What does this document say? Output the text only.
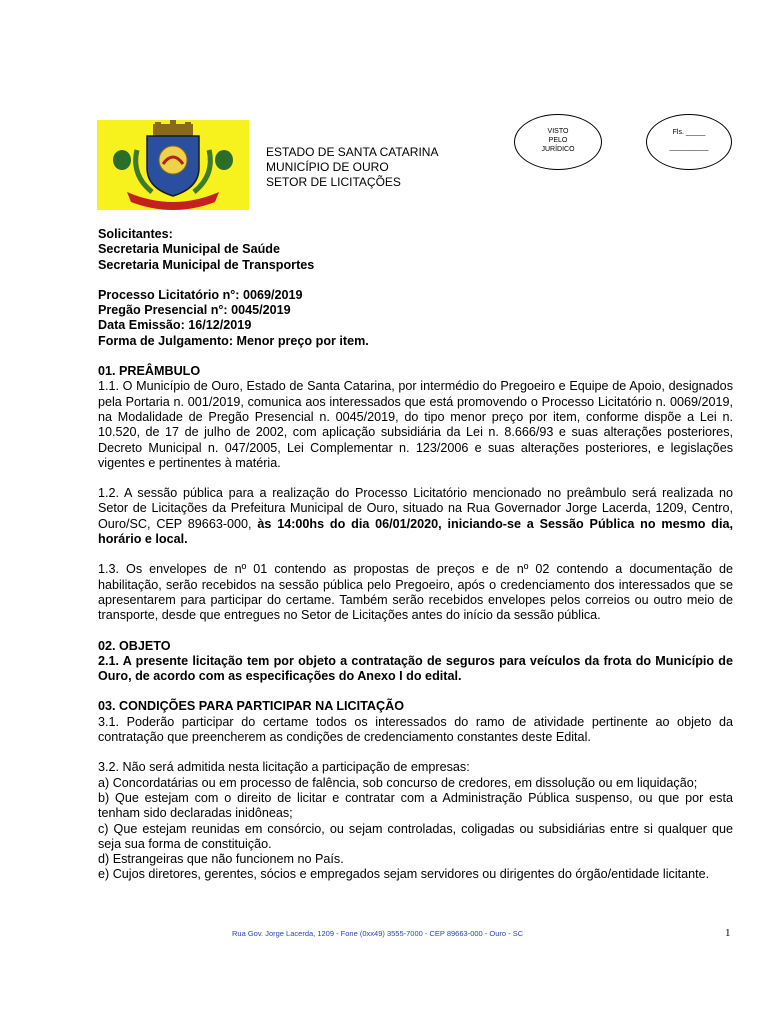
ESTADO DE SANTA CATARINA
MUNICÍPIO DE OURO
SETOR DE LICITAÇÕES
VISTO
PELO
JURÍDICO
Fls. _____
__________

Solicitantes:

Secretaria Municipal de Saúde

Secretaria Municipal de Transportes

Processo Licitatório n°: 0069/2019

Pregão Presencial n°: 0045/2019

Data Emissão: 16/12/2019

Forma de Julgamento: Menor preço por item.

01. PREÂMBULO

1.1. O Município de Ouro, Estado de Santa Catarina, por intermédio do Pregoeiro e Equipe de Apoio, designados pela Portaria n. 001/2019, comunica aos interessados que está promovendo o Processo Licitatório n. 0069/2019, na Modalidade de Pregão Presencial n. 0045/2019, do tipo menor preço por item, conforme dispõe a Lei n. 10.520, de 17 de julho de 2002, com aplicação subsidiária da Lei n. 8.666/93 e suas alterações posteriores, Decreto Municipal n. 047/2005, Lei Complementar n. 123/2006 e suas alterações posteriores, e legislações vigentes e pertinentes à matéria.

1.2. A sessão pública para a realização do Processo Licitatório mencionado no preâmbulo será realizada no Setor de Licitações da Prefeitura Municipal de Ouro, situado na Rua Governador Jorge Lacerda, 1209, Centro, Ouro/SC, CEP 89663-000, às 14:00hs do dia 06/01/2020, iniciando-se a Sessão Pública no mesmo dia, horário e local.

1.3. Os envelopes de nº 01 contendo as propostas de preços e de nº 02 contendo a documentação de habilitação, serão recebidos na sessão pública pelo Pregoeiro, após o credenciamento dos interessados que se apresentarem para participar do certame. Também serão recebidos envelopes pelos correios ou outro meio de transporte, desde que entregues no Setor de Licitações antes do início da sessão pública.

02. OBJETO

2.1. A presente licitação tem por objeto a contratação de seguros para veículos da frota do Município de Ouro, de acordo com as especificações do Anexo I do edital.

03. CONDIÇÕES PARA PARTICIPAR NA LICITAÇÃO

3.1. Poderão participar do certame todos os interessados do ramo de atividade pertinente ao objeto da contratação que preencherem as condições de credenciamento constantes deste Edital.

3.2. Não será admitida nesta licitação a participação de empresas:

a) Concordatárias ou em processo de falência, sob concurso de credores, em dissolução ou em liquidação;

b) Que estejam com o direito de licitar e contratar com a Administração Pública suspenso, ou que por esta tenham sido declaradas inidôneas;

c) Que estejam reunidas em consórcio, ou sejam controladas, coligadas ou subsidiárias entre si qualquer que seja sua forma de constituição.

d) Estrangeiras que não funcionem no País.

e) Cujos diretores, gerentes, sócios e empregados sejam servidores ou dirigentes do órgão/entidade licitante.

Rua Gov. Jorge Lacerda, 1209 - Fone (0xx49) 3555-7000 - CEP 89663-000 - Ouro - SC	1
